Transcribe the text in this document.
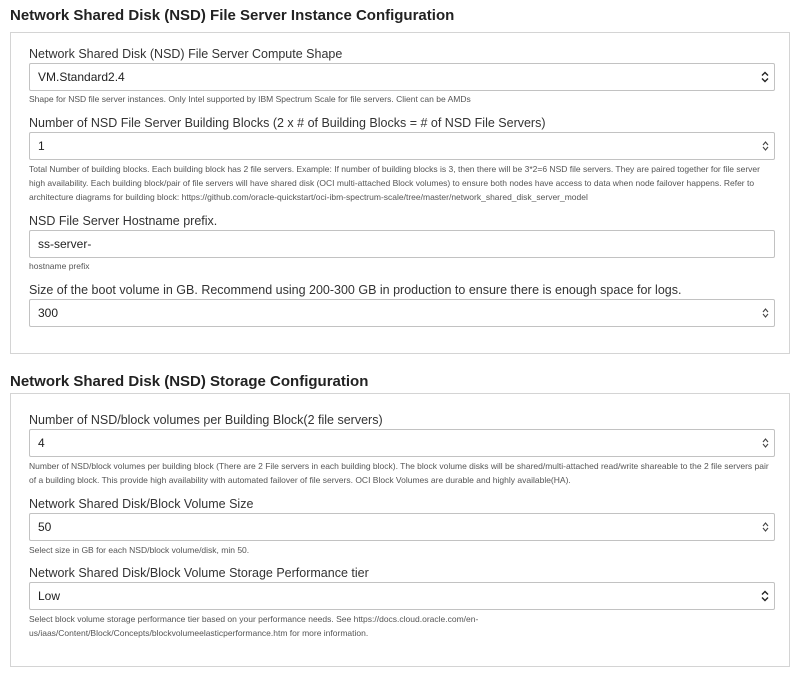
Network Shared Disk (NSD) File Server Instance Configuration
Network Shared Disk (NSD) File Server Compute Shape
VM.Standard2.4
Shape for NSD file server instances. Only Intel supported by IBM Spectrum Scale for file servers. Client can be AMDs
Number of NSD File Server Building Blocks (2 x # of Building Blocks = # of NSD File Servers)
1
Total Number of building blocks. Each building block has 2 file servers. Example: If number of building blocks is 3, then there will be 3*2=6 NSD file servers. They are paired together for file server high availability. Each building block/pair of file servers will have shared disk (OCI multi-attached Block volumes) to ensure both nodes have access to data when node failover happens. Refer to architecture diagrams for building block: https://github.com/oracle-quickstart/oci-ibm-spectrum-scale/tree/master/network_shared_disk_server_model
NSD File Server Hostname prefix.
ss-server-
hostname prefix
Size of the boot volume in GB. Recommend using 200-300 GB in production to ensure there is enough space for logs.
300
Network Shared Disk (NSD) Storage Configuration
Number of NSD/block volumes per Building Block(2 file servers)
4
Number of NSD/block volumes per building block (There are 2 File servers in each building block). The block volume disks will be shared/multi-attached read/write shareable to the 2 file servers pair of a building block. This provide high availability with automated failover of file servers. OCI Block Volumes are durable and highly available(HA).
Network Shared Disk/Block Volume Size
50
Select size in GB for each NSD/block volume/disk, min 50.
Network Shared Disk/Block Volume Storage Performance tier
Low
Select block volume storage performance tier based on your performance needs. See https://docs.cloud.oracle.com/en-us/iaas/Content/Block/Concepts/blockvolumeelasticperformance.htm for more information.
